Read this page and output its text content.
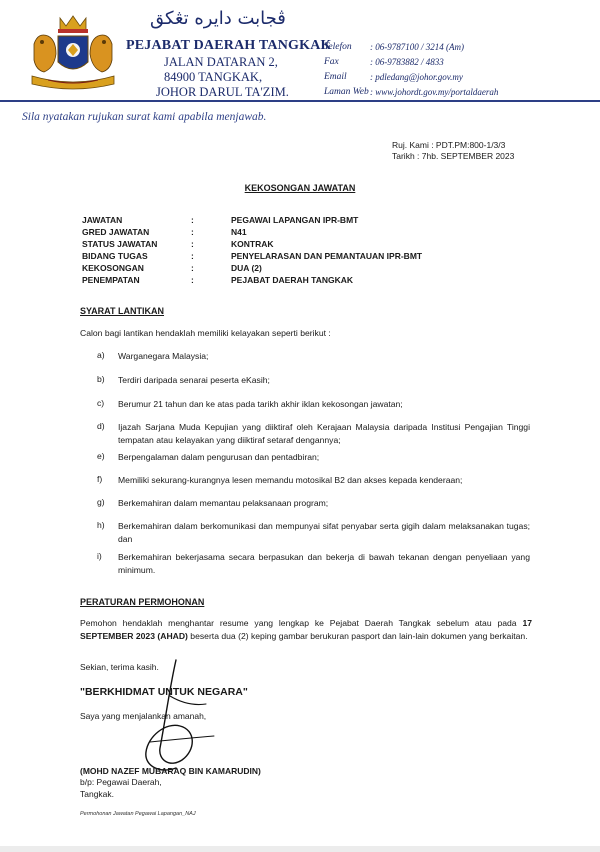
ڤجابت دايره تڠكق
PEJABAT DAERAH TANGKAK
JALAN DATARAN 2,
84900 TANGKAK,
JOHOR DARUL TA'ZIM.
Telefon : 06-9787100 / 3214 (Am)
Fax	: 06-9783882 / 4833
Email	: pdledang@johor.gov.my
Laman Web : www.johordt.gov.my/portaldaerah
Sila nyatakan rujukan surat kami apabila menjawab.
Ruj. Kami : PDT.PM:800-1/3/3
Tarikh : 7hb. SEPTEMBER 2023
KEKOSONGAN JAWATAN
JAWATAN	:	PEGAWAI LAPANGAN IPR-BMT
GRED JAWATAN	:	N41
STATUS JAWATAN	:	KONTRAK
BIDANG TUGAS	:	PENYELARASAN DAN PEMANTAUAN IPR-BMT
KEKOSONGAN	:	DUA (2)
PENEMPATAN	:	PEJABAT DAERAH TANGKAK
SYARAT LANTIKAN
Calon bagi lantikan hendaklah memiliki kelayakan seperti berikut :
a) Warganegara Malaysia;
b) Terdiri daripada senarai peserta eKasih;
c) Berumur 21 tahun dan ke atas pada tarikh akhir iklan kekosongan jawatan;
d) Ijazah Sarjana Muda Kepujian yang diiktiraf oleh Kerajaan Malaysia daripada Institusi Pengajian Tinggi tempatan atau kelayakan yang diiktiraf setaraf dengannya;
e) Berpengalaman dalam pengurusan dan pentadbiran;
f) Memiliki sekurang-kurangnya lesen memandu motosikal B2 dan akses kepada kenderaan;
g) Berkemahiran dalam memantau pelaksanaan program;
h) Berkemahiran dalam berkomunikasi dan mempunyai sifat penyabar serta gigih dalam melaksanakan tugas; dan
i) Berkemahiran bekerjasama secara berpasukan dan bekerja di bawah tekanan dengan penyeliaan yang minimum.
PERATURAN PERMOHONAN
Pemohon hendaklah menghantar resume yang lengkap ke Pejabat Daerah Tangkak sebelum atau pada 17 SEPTEMBER 2023 (AHAD) beserta dua (2) keping gambar berukuran pasport dan lain-lain dokumen yang berkaitan.
Sekian, terima kasih.
"BERKHIDMAT UNTUK NEGARA"
Saya yang menjalankan amanah,
(MOHD NAZEF MUBARAQ BIN KAMARUDIN)
b/p: Pegawai Daerah,
Tangkak.
Permohonan Jawatan Pegawai Lapangan_NAJ
